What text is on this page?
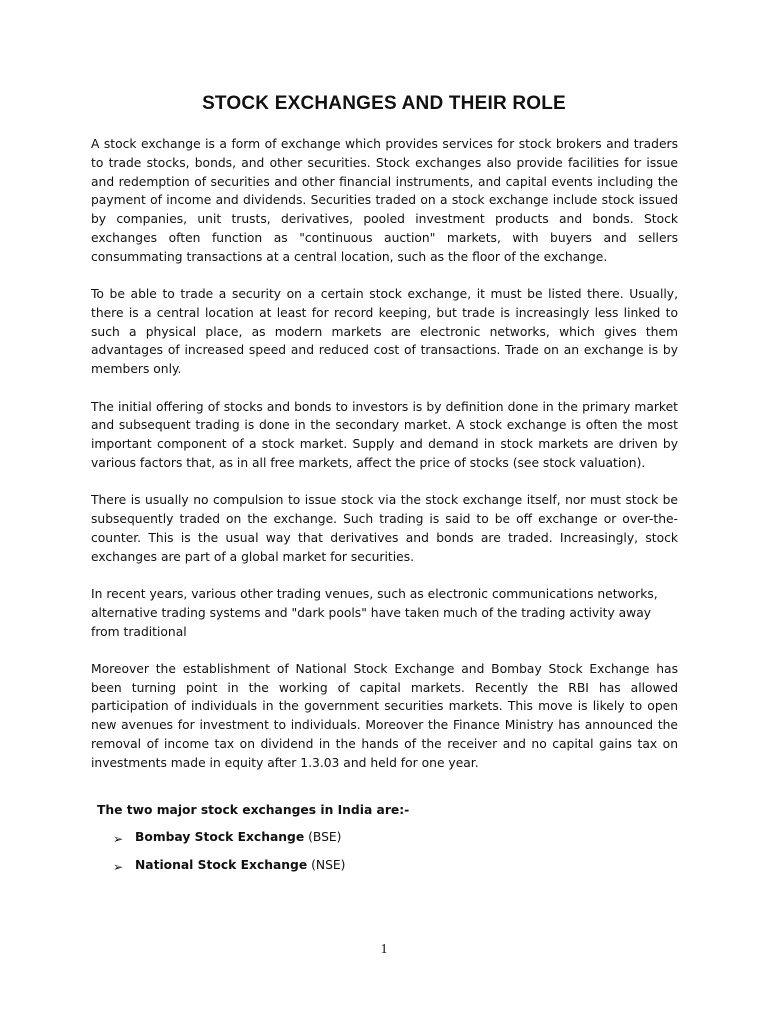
STOCK EXCHANGES AND THEIR ROLE

A stock exchange is a form of exchange which provides services for stock brokers and traders to trade stocks, bonds, and other securities. Stock exchanges also provide facilities for issue and redemption of securities and other financial instruments, and capital events including the payment of income and dividends. Securities traded on a stock exchange include stock issued by companies, unit trusts, derivatives, pooled investment products and bonds. Stock exchanges often function as "continuous auction" markets, with buyers and sellers consummating transactions at a central location, such as the floor of the exchange.

To be able to trade a security on a certain stock exchange, it must be listed there. Usually, there is a central location at least for record keeping, but trade is increasingly less linked to such a physical place, as modern markets are electronic networks, which gives them advantages of increased speed and reduced cost of transactions. Trade on an exchange is by members only.

The initial offering of stocks and bonds to investors is by definition done in the primary market and subsequent trading is done in the secondary market. A stock exchange is often the most important component of a stock market. Supply and demand in stock markets are driven by various factors that, as in all free markets, affect the price of stocks (see stock valuation).

There is usually no compulsion to issue stock via the stock exchange itself, nor must stock be subsequently traded on the exchange. Such trading is said to be off exchange or over-the-counter. This is the usual way that derivatives and bonds are traded. Increasingly, stock exchanges are part of a global market for securities.

In recent years, various other trading venues, such as electronic communications networks, alternative trading systems and "dark pools" have taken much of the trading activity away from traditional

Moreover the establishment of National Stock Exchange and Bombay Stock Exchange has been turning point in the working of capital markets. Recently the RBI has allowed participation of individuals in the government securities markets. This move is likely to open new avenues for investment to individuals. Moreover the Finance Ministry has announced the removal of income tax on dividend in the hands of the receiver and no capital gains tax on investments made in equity after 1.3.03 and held for one year.

The two major stock exchanges in India are:-

➢ Bombay Stock Exchange (BSE)
➢ National Stock Exchange (NSE)
1
